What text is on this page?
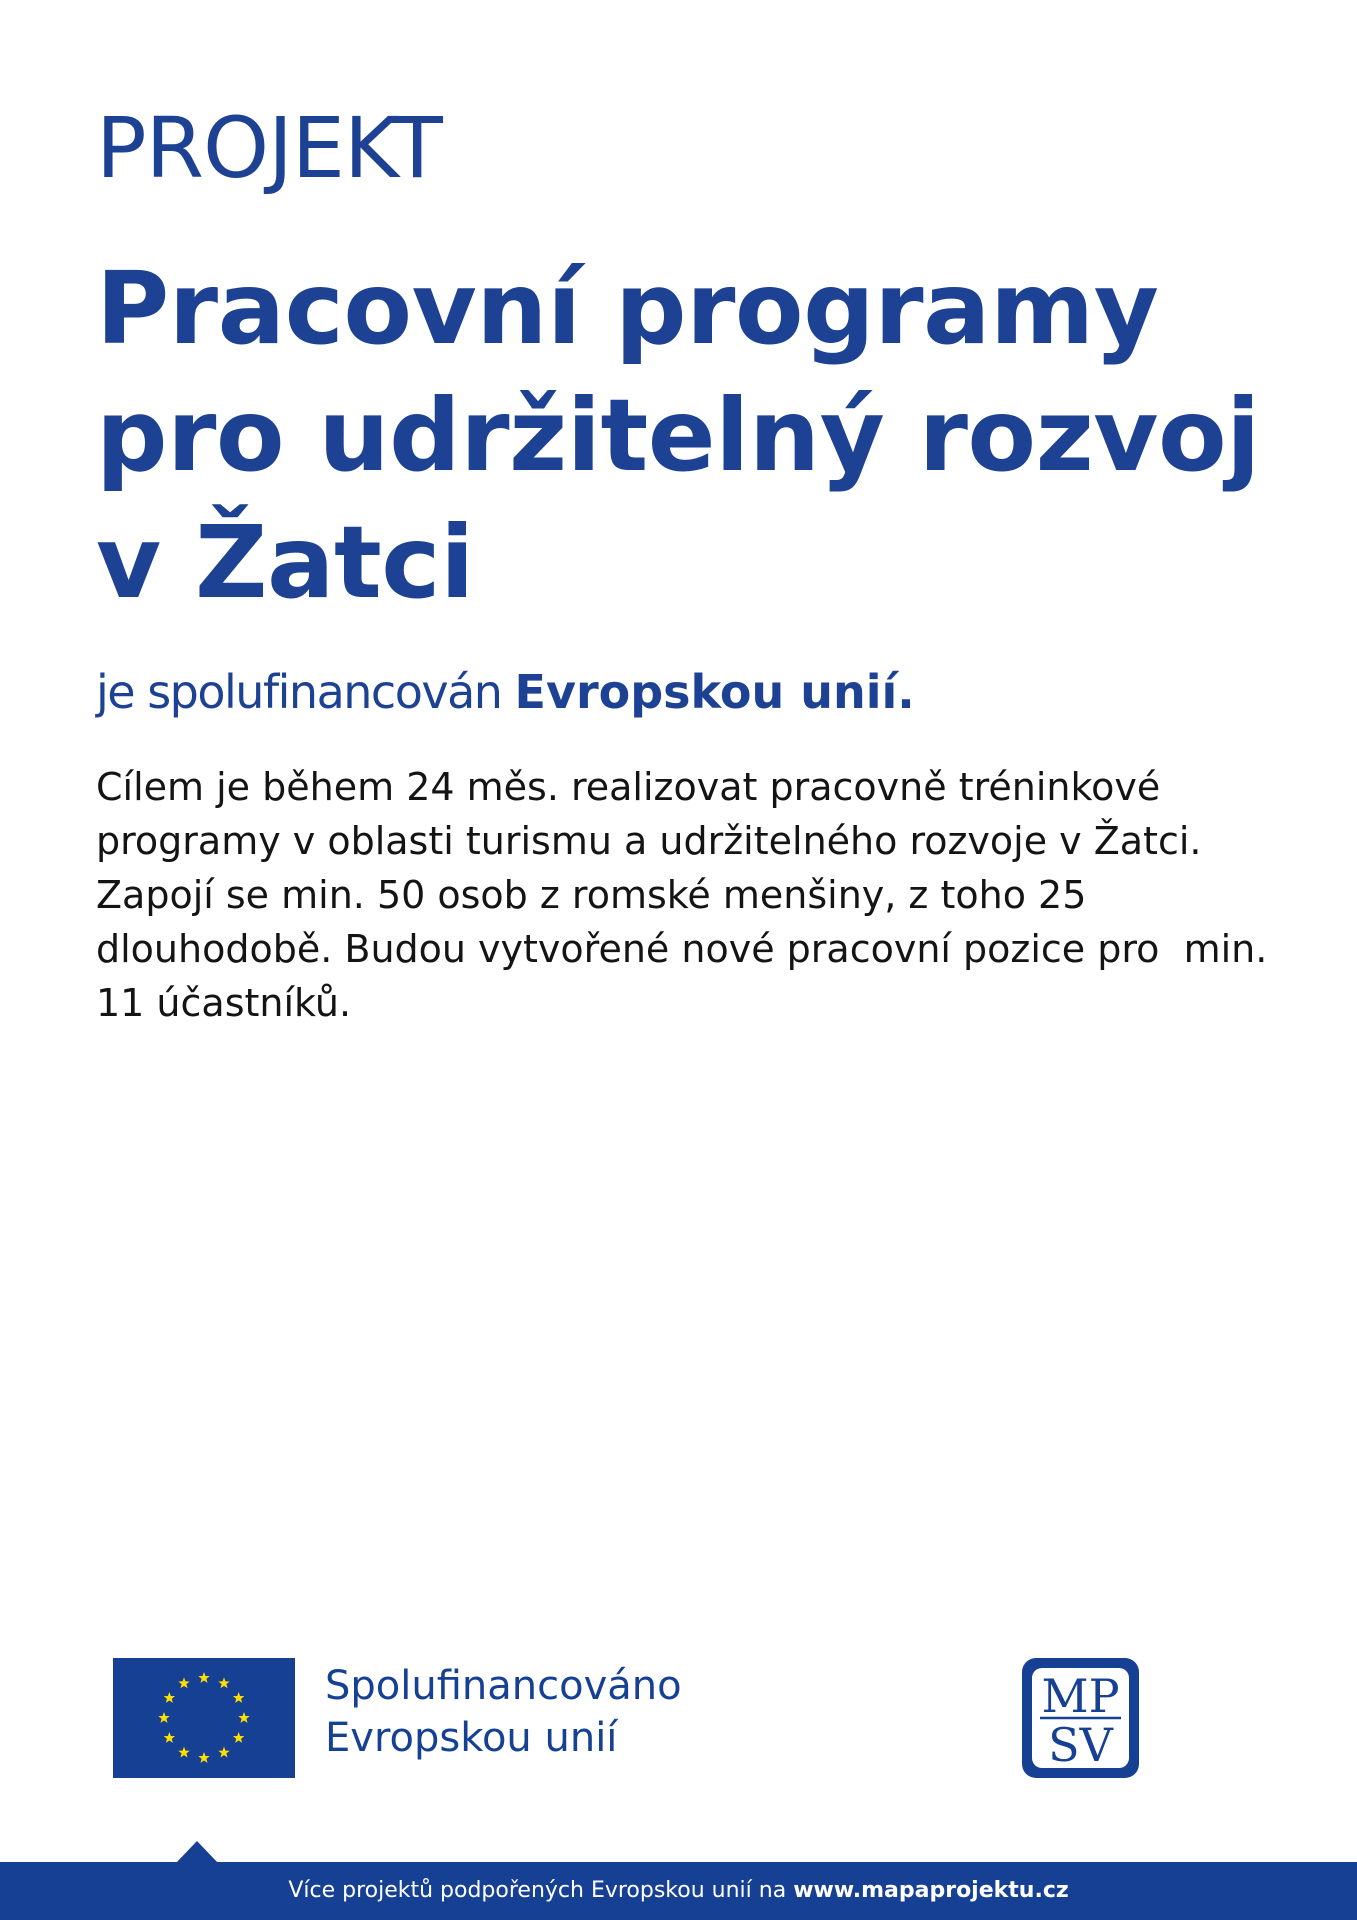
PROJEKT

Pracovní programy
pro udržitelný rozvoj
v Žatci

je spolufinancován Evropskou unií.

Cílem je během 24 měs. realizovat pracovně tréninkové
programy v oblasti turismu a udržitelného rozvoje v Žatci.
Zapojí se min. 50 osob z romské menšiny, z toho 25
dlouhodobě. Budou vytvořené nové pracovní pozice pro  min.
11 účastníků.
Spolufinancováno
Evropskou unií
MP
SV
Více projektů podpořených Evropskou unií na www.mapaprojektu.cz
